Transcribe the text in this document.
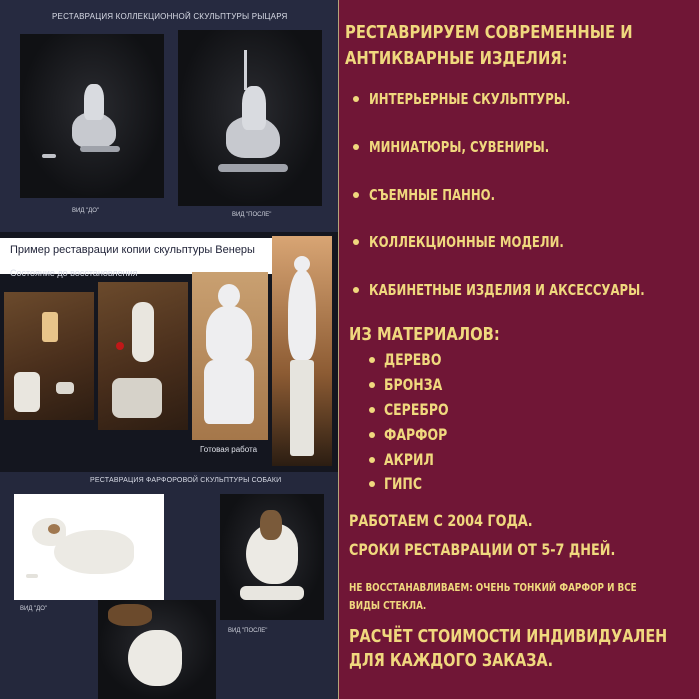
РЕСТАВРАЦИЯ КОЛЛЕКЦИОННОЙ СКУЛЬПТУРЫ РЫЦАРЯ
ВИД "ДО"
ВИД "ПОСЛЕ"
Пример реставрации копии скульптуры Венеры
Состояние до восстановления
Готовая работа
РЕСТАВРАЦИЯ ФАРФОРОВОЙ СКУЛЬПТУРЫ СОБАКИ
ВИД "ДО"
ВИД "ПОСЛЕ"
РЕСТАВРИРУЕМ СОВРЕМЕННЫЕ И
АНТИКВАРНЫЕ ИЗДЕЛИЯ:
ИНТЕРЬЕРНЫЕ СКУЛЬПТУРЫ.
МИНИАТЮРЫ, СУВЕНИРЫ.
СЪЕМНЫЕ ПАННО.
КОЛЛЕКЦИОННЫЕ МОДЕЛИ.
КАБИНЕТНЫЕ ИЗДЕЛИЯ И АКСЕССУАРЫ.
ИЗ МАТЕРИАЛОВ:
ДЕРЕВО
БРОНЗА
СЕРЕБРО
ФАРФОР
АКРИЛ
ГИПС
РАБОТАЕМ С 2004 ГОДА.
СРОКИ РЕСТАВРАЦИИ ОТ 5-7 ДНЕЙ.
НЕ ВОССТАНАВЛИВАЕМ: ОЧЕНЬ ТОНКИЙ ФАРФОР И ВСЕ
ВИДЫ СТЕКЛА.
РАСЧЁТ СТОИМОСТИ ИНДИВИДУАЛЕН
ДЛЯ КАЖДОГО ЗАКАЗА.
